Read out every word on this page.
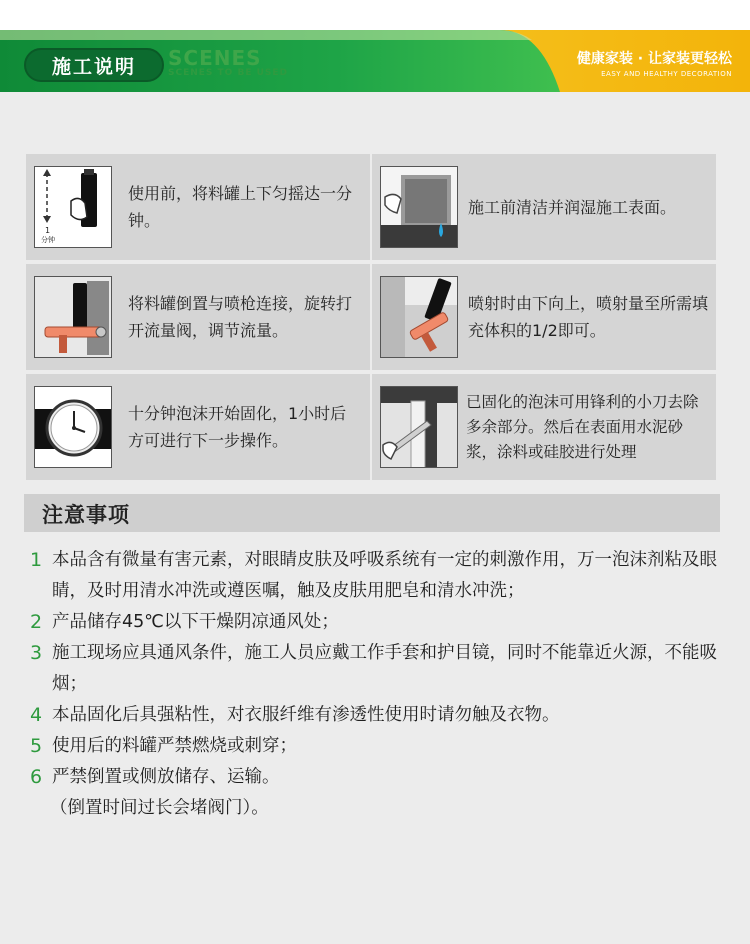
施工说明	SCENES
SCENES TO BE USED
健康家装 · 让家装更轻松
EASY AND HEALTHY DECORATION
1
分钟
使用前，将料罐上下匀摇达一分钟。
施工前清洁并润湿施工表面。
将料罐倒置与喷枪连接，旋转打开流量阀，调节流量。
喷射时由下向上，喷射量至所需填充体积的1/2即可。
十分钟泡沫开始固化，1小时后方可进行下一步操作。
已固化的泡沫可用锋利的小刀去除多余部分。然后在表面用水泥砂浆，涂料或硅胶进行处理
注意事项
1 本品含有微量有害元素，对眼睛皮肤及呼吸系统有一定的刺激作用，万一泡沫剂粘及眼睛，及时用清水冲洗或遵医嘱，触及皮肤用肥皂和清水冲洗；
2 产品储存45℃以下干燥阴凉通风处；
3 施工现场应具通风条件，施工人员应戴工作手套和护目镜，同时不能靠近火源，不能吸烟；
4 本品固化后具强粘性，对衣服纤维有渗透性使用时请勿触及衣物。
5 使用后的料罐严禁燃烧或刺穿；
6 严禁倒置或侧放储存、运输。
（倒置时间过长会堵阀门）。
